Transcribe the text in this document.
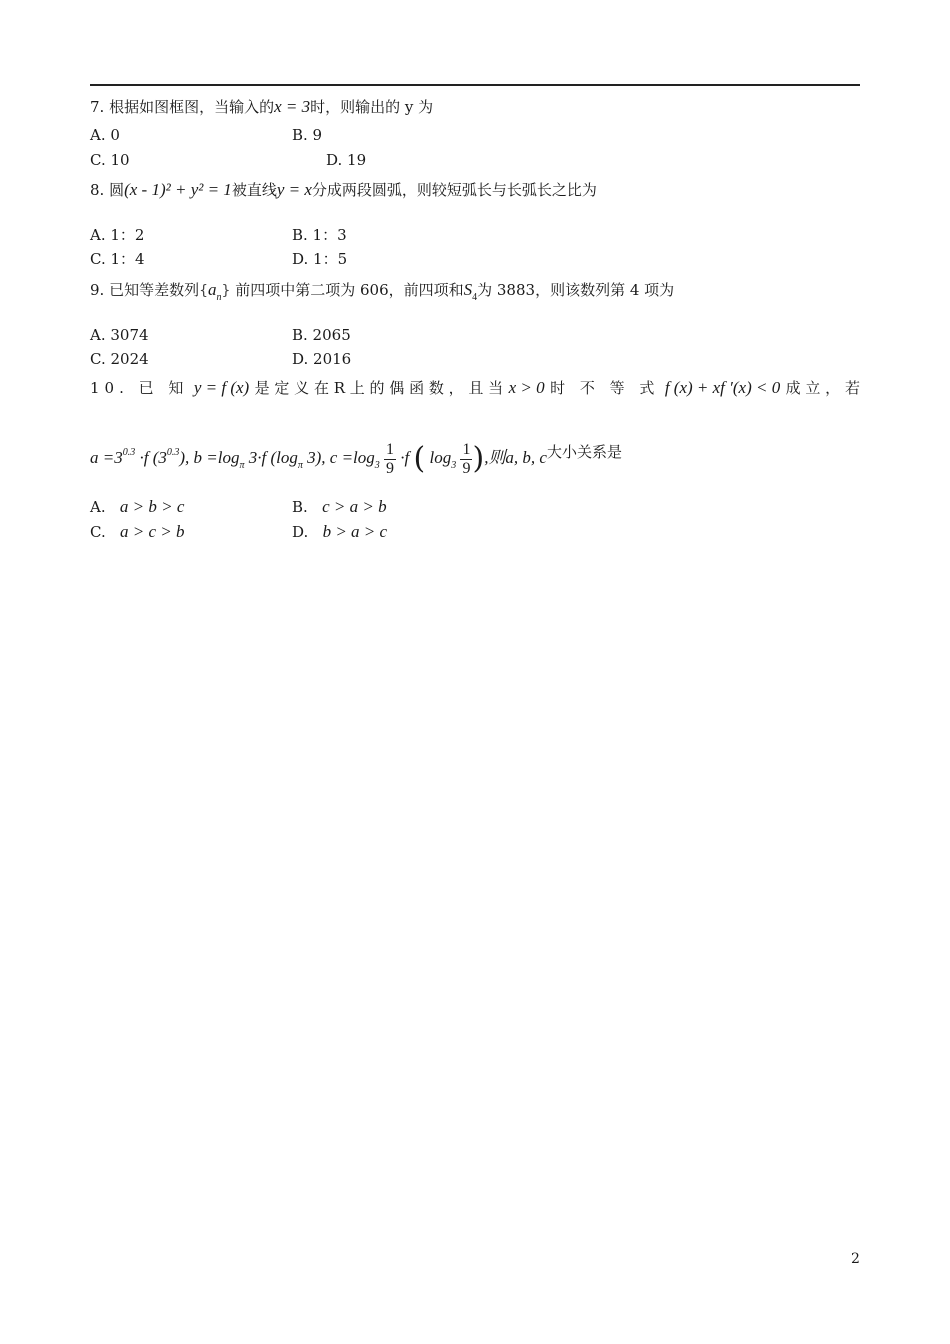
7. 根据如图框图，当输入的x = 3时，则输出的 y 为
A. 0	B. 9
C. 10	D. 19
8. 圆(x - 1)² + y² = 1被直线y = x分成两段圆弧，则较短弧长与长弧长之比为
A. 1：2	B. 1：3
C. 1：4	D. 1：5
9. 已知等差数列$\{a_n\}$ 前四项中第二项为 606，前四项和$S_4$为 3883，则该数列第 4 项为
A. 3074	B. 2065
C. 2024	D. 2016
10. 已 知 y = f (x) 是 定 义 在 R 上 的 偶 函 数 ， 且 当 x > 0 时 不 等 式 f (x) + xf ′(x) < 0 成 立 ， 若
$a =3^{0.3} \cdot f$ $(3^{0.3})$, $b =\log_\pi$ 3·f ($\log_\pi$ 3), $c =\log_3 \frac{1}{9} \cdot f$ ( $\log_3 \frac{1}{9}$ ),则a, b, c大小关系是
A. a > b > c	B. c > a > b
C. a > c > b	D. b > a > c
2
